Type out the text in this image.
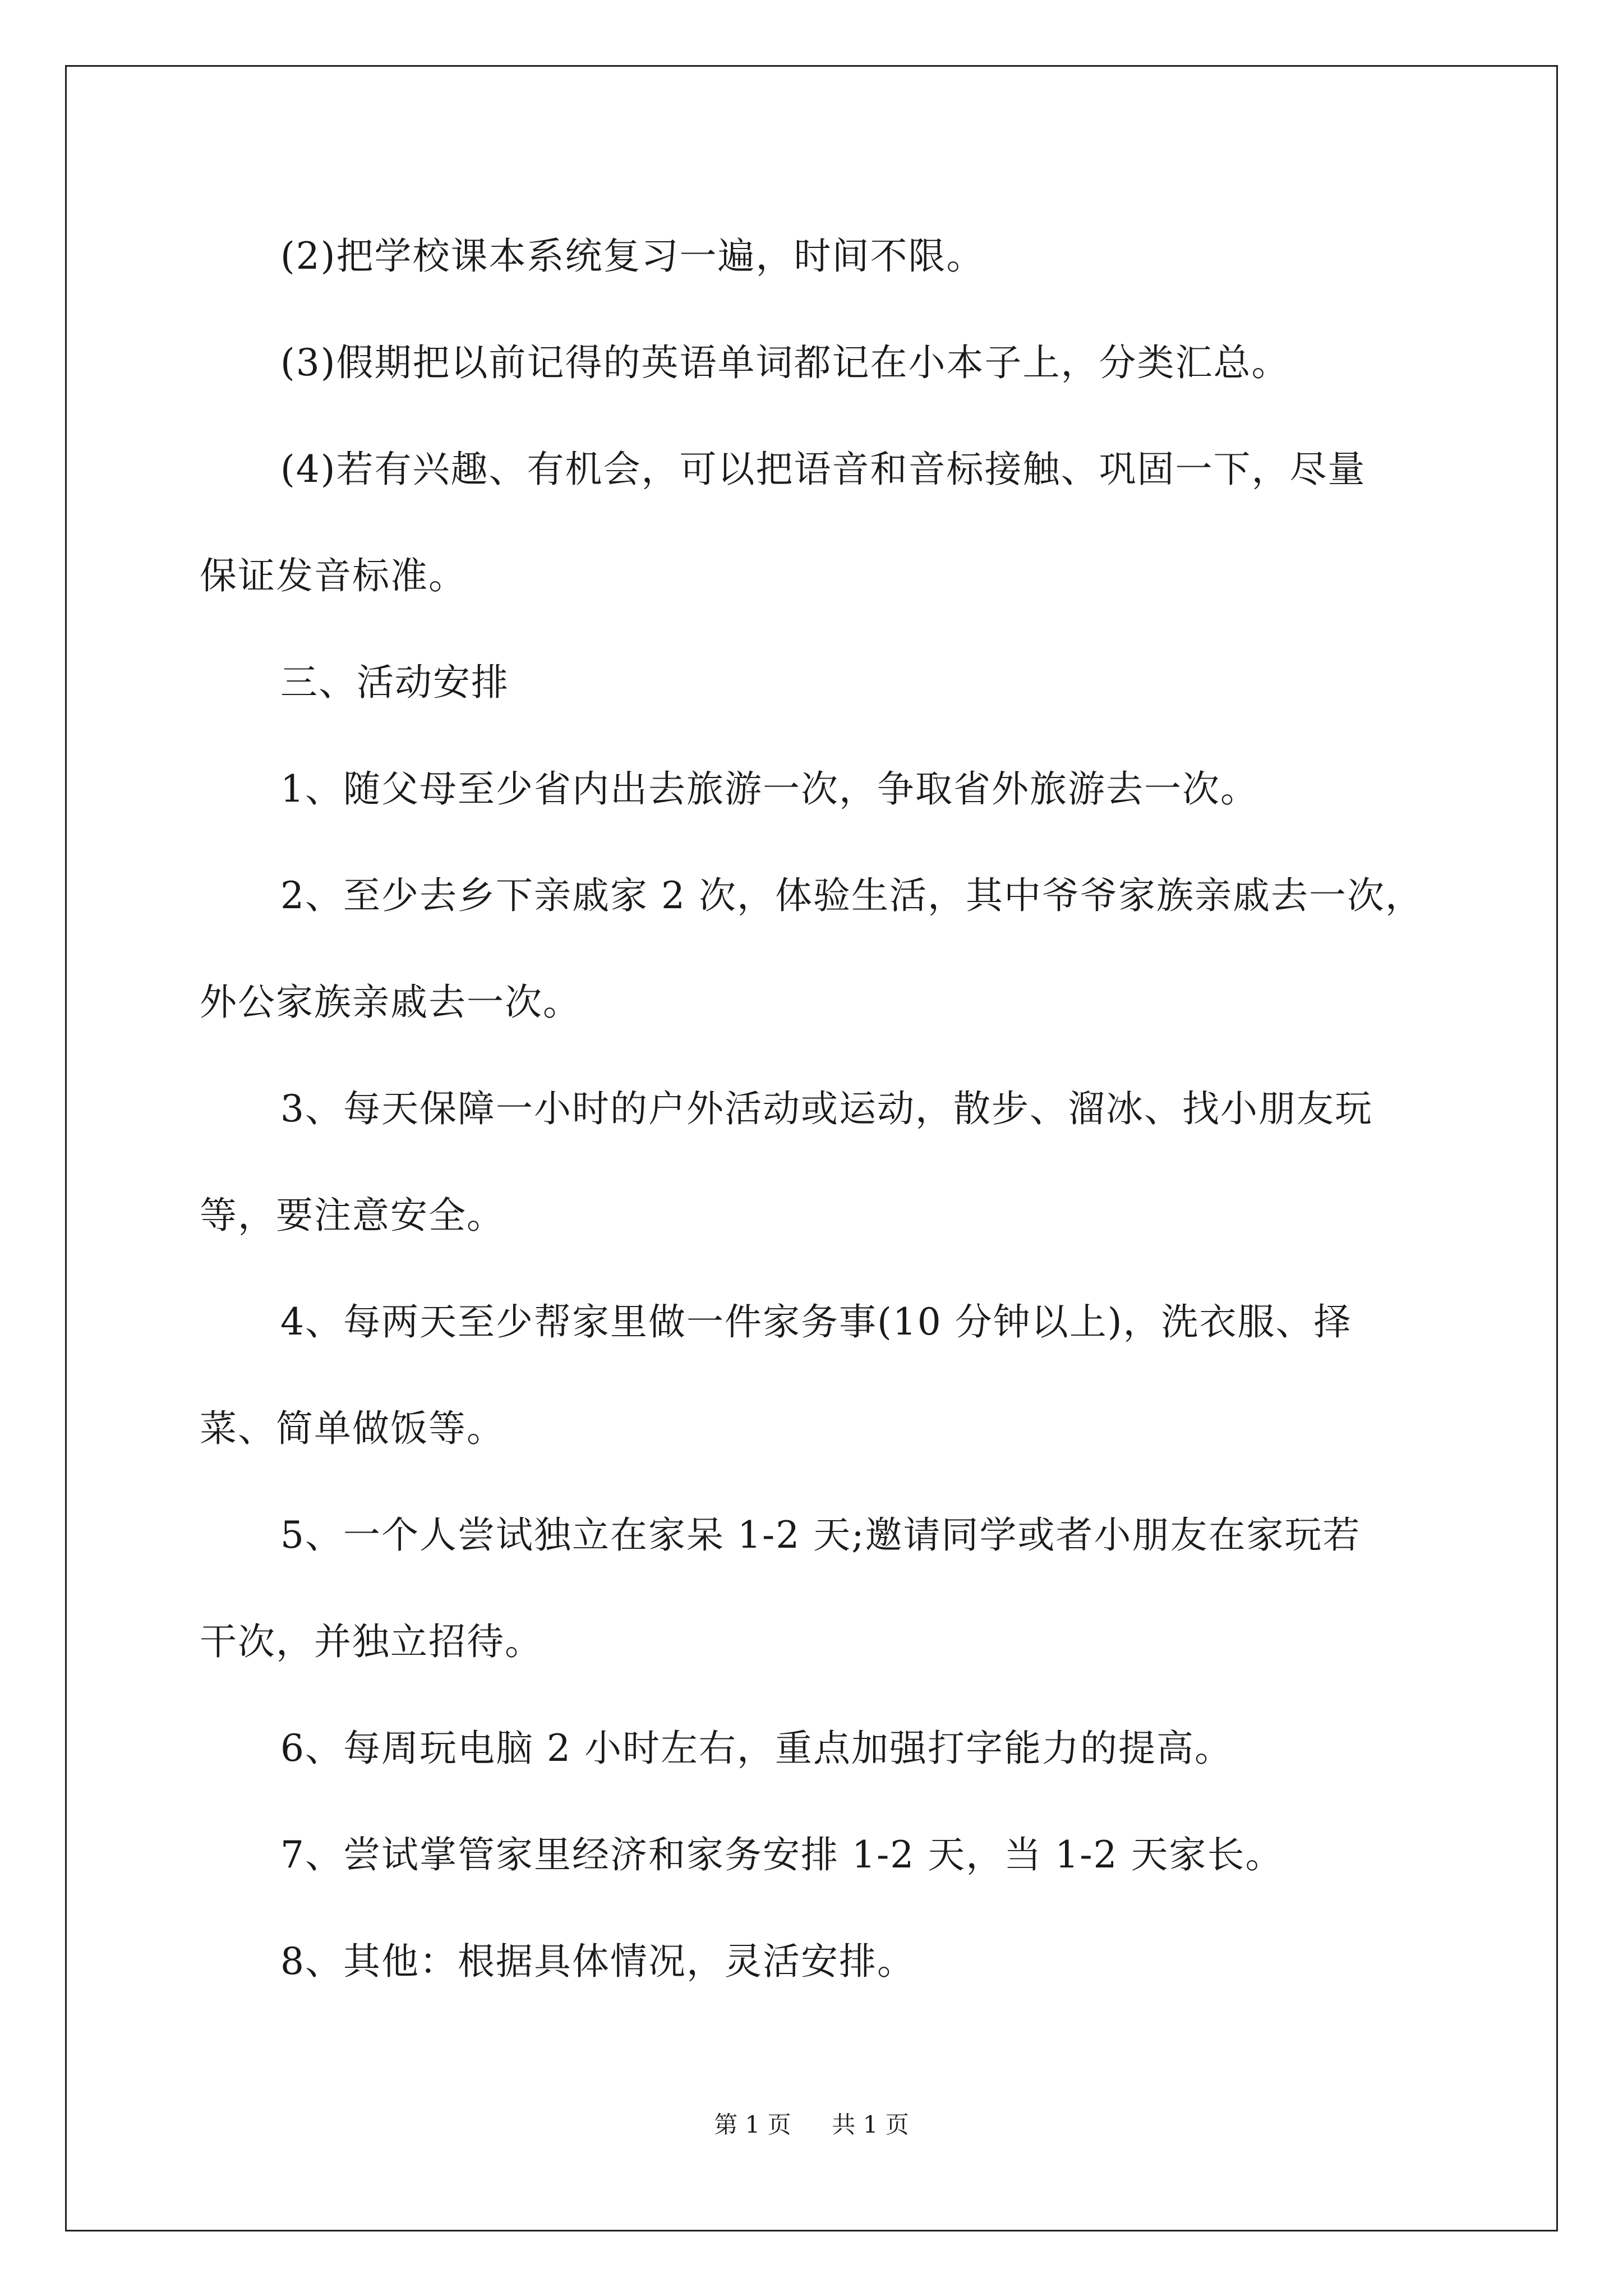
(2)把学校课本系统复习一遍，时间不限。

(3)假期把以前记得的英语单词都记在小本子上，分类汇总。

(4)若有兴趣、有机会，可以把语音和音标接触、巩固一下，尽量

保证发音标准。

三、活动安排

1、随父母至少省内出去旅游一次，争取省外旅游去一次。

2、至少去乡下亲戚家 2 次，体验生活，其中爷爷家族亲戚去一次，

外公家族亲戚去一次。

3、每天保障一小时的户外活动或运动，散步、溜冰、找小朋友玩

等，要注意安全。

4、每两天至少帮家里做一件家务事(10 分钟以上)，洗衣服、择

菜、简单做饭等。

5、一个人尝试独立在家呆 1-2 天;邀请同学或者小朋友在家玩若

干次，并独立招待。

6、每周玩电脑 2 小时左右，重点加强打字能力的提高。

7、尝试掌管家里经济和家务安排 1-2 天，当 1-2 天家长。

8、其他：根据具体情况，灵活安排。

第 1 页 共 1 页
